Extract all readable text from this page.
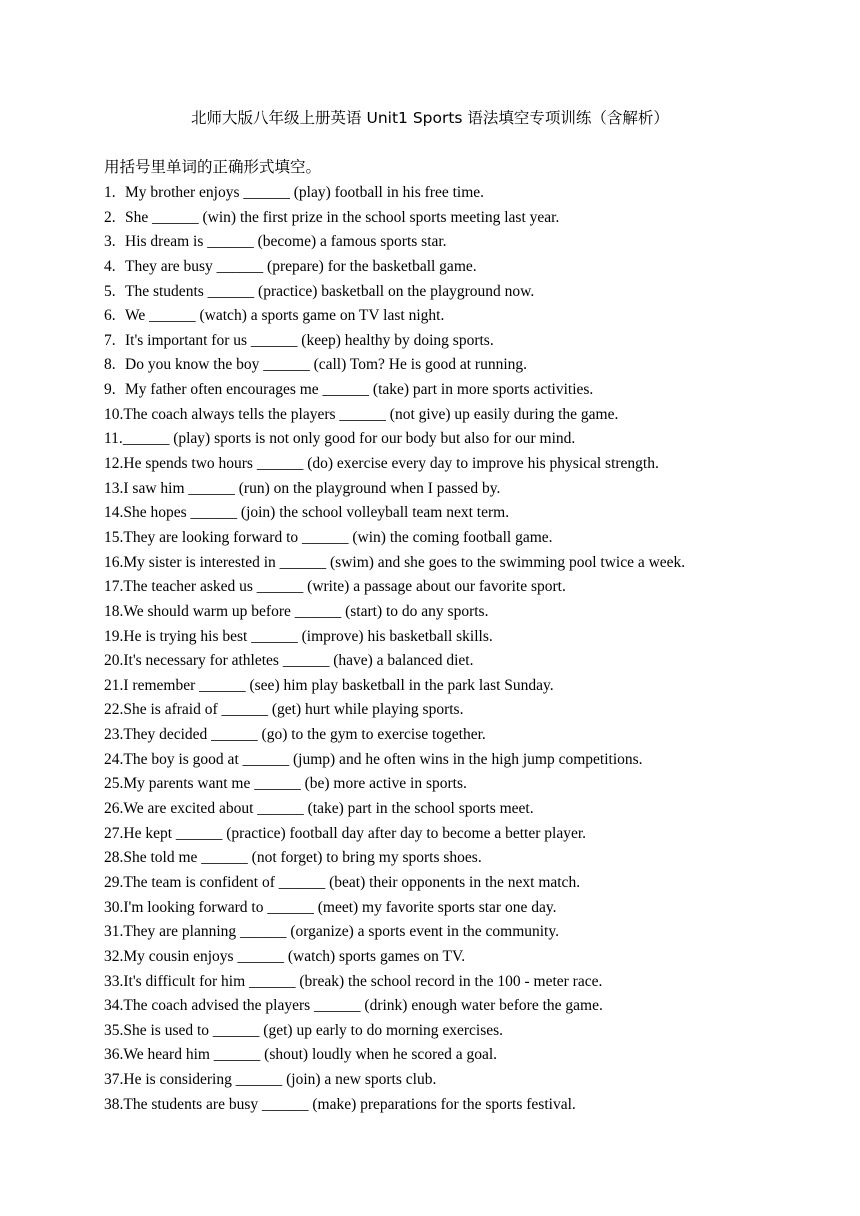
北师大版八年级上册英语 Unit1 Sports 语法填空专项训练（含解析）
用括号里单词的正确形式填空。
1. My brother enjoys ______ (play) football in his free time.
2. She ______ (win) the first prize in the school sports meeting last year.
3. His dream is ______ (become) a famous sports star.
4. They are busy ______ (prepare) for the basketball game.
5. The students ______ (practice) basketball on the playground now.
6. We ______ (watch) a sports game on TV last night.
7. It's important for us ______ (keep) healthy by doing sports.
8. Do you know the boy ______ (call) Tom? He is good at running.
9. My father often encourages me ______ (take) part in more sports activities.
10.The coach always tells the players ______ (not give) up easily during the game.
11.______ (play) sports is not only good for our body but also for our mind.
12.He spends two hours ______ (do) exercise every day to improve his physical strength.
13.I saw him ______ (run) on the playground when I passed by.
14.She hopes ______ (join) the school volleyball team next term.
15.They are looking forward to ______ (win) the coming football game.
16.My sister is interested in ______ (swim) and she goes to the swimming pool twice a week.
17.The teacher asked us ______ (write) a passage about our favorite sport.
18.We should warm up before ______ (start) to do any sports.
19.He is trying his best ______ (improve) his basketball skills.
20.It's necessary for athletes ______ (have) a balanced diet.
21.I remember ______ (see) him play basketball in the park last Sunday.
22.She is afraid of ______ (get) hurt while playing sports.
23.They decided ______ (go) to the gym to exercise together.
24.The boy is good at ______ (jump) and he often wins in the high jump competitions.
25.My parents want me ______ (be) more active in sports.
26.We are excited about ______ (take) part in the school sports meet.
27.He kept ______ (practice) football day after day to become a better player.
28.She told me ______ (not forget) to bring my sports shoes.
29.The team is confident of ______ (beat) their opponents in the next match.
30.I'm looking forward to ______ (meet) my favorite sports star one day.
31.They are planning ______ (organize) a sports event in the community.
32.My cousin enjoys ______ (watch) sports games on TV.
33.It's difficult for him ______ (break) the school record in the 100 - meter race.
34.The coach advised the players ______ (drink) enough water before the game.
35.She is used to ______ (get) up early to do morning exercises.
36.We heard him ______ (shout) loudly when he scored a goal.
37.He is considering ______ (join) a new sports club.
38.The students are busy ______ (make) preparations for the sports festival.
